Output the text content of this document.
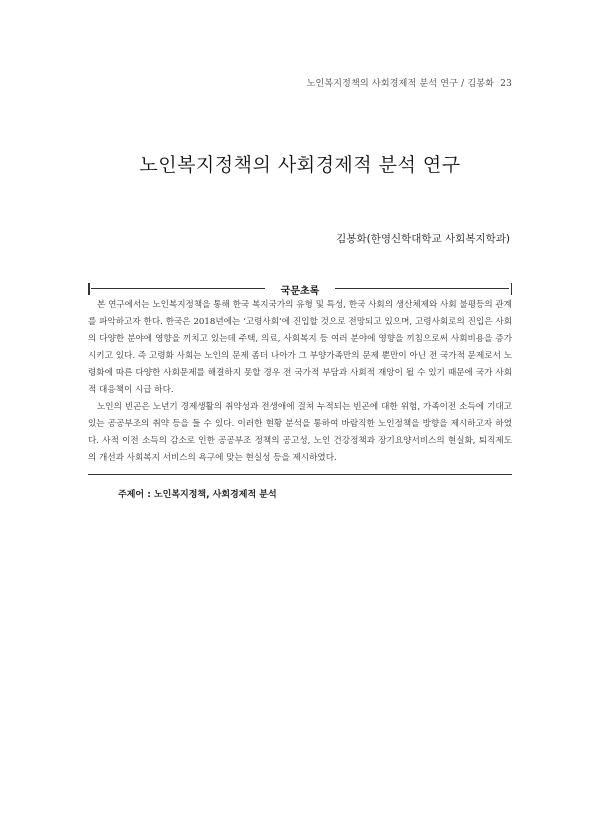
노인복지정책의 사회경제적 분석 연구 / 김봉화 23
노인복지정책의 사회경제적 분석 연구
김봉화(한영신학대학교 사회복지학과)
국문초록

본 연구에서는 노인복지정책을 통해 한국 복지국가의 유형 및 특성, 한국 사회의 생산체제와 사회 불평등의 관계를 파악하고자 한다. 한국은 2018년에는 ‘고령사회’에 진입할 것으로 전망되고 있으며, 고령사회로의 진입은 사회의 다양한 분야에 영향을 끼치고 있는데 주택, 의료, 사회복지 등 여러 분야에 영향을 끼침으로써 사회비용을 증가시키고 있다. 즉 고령화 사회는 노인의 문제 좀더 나아가 그 부양가족만의 문제 뿐만이 아닌 전 국가적 문제로서 노령화에 따른 다양한 사회문제를 해결하지 못할 경우 전 국가적 부담과 사회적 재앙이 될 수 있기 때문에 국가 사회적 대응책이 시급 하다.

노인의 빈곤은 노년기 경제생활의 취약성과 전생애에 걸쳐 누적되는 빈곤에 대한 위험, 가족이전 소득에 기대고 있는 공공부조의 취약 등을 들 수 있다. 이러한 현황 분석을 통하여 바람직한 노인정책을 방향을 제시하고자 하였다. 사적 이전 소득의 감소로 인한 공공부조 정책의 공고성, 노인 건강정책과 장기요양서비스의 현실화, 퇴직제도의 개선과 사회복지 서비스의 욕구에 맞는 현실성 등을 제시하였다.

주제어 : 노인복지정책, 사회경제적 분석
